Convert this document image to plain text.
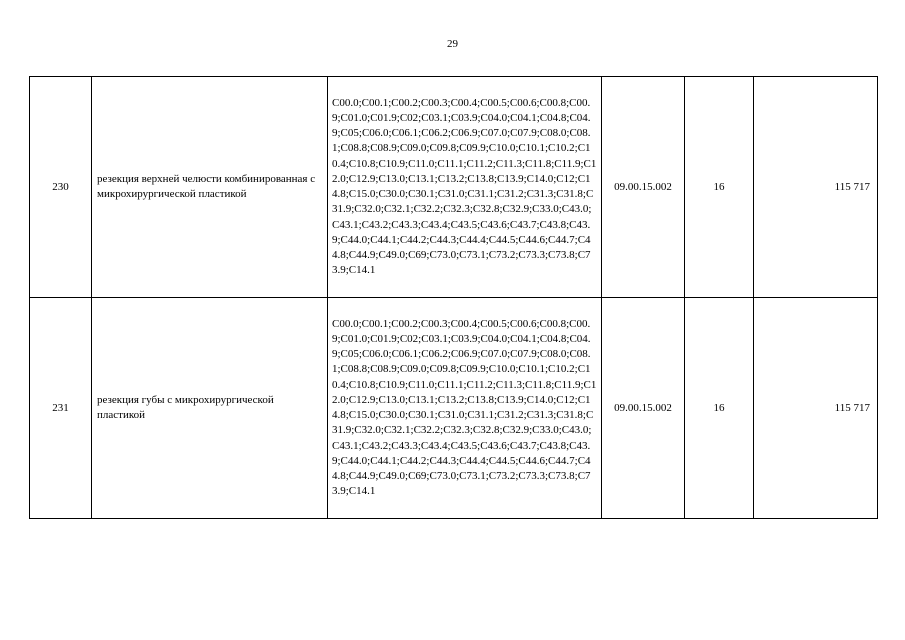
29
230	резекция верхней челюсти комбинированная с микрохирургической пластикой	C00.0;C00.1;C00.2;C00.3;C00.4;C00.5;C00.6;C00.8;C00.9;C01.0;C01.9;C02;C03.1;C03.9;C04.0;C04.1;C04.8;C04.9;C05;C06.0;C06.1;C06.2;C06.9;C07.0;C07.9;C08.0;C08.1;C08.8;C08.9;C09.0;C09.8;C09.9;C10.0;C10.1;C10.2;C10.4;C10.8;C10.9;C11.0;C11.1;C11.2;C11.3;C11.8;C11.9;C12.0;C12.9;C13.0;C13.1;C13.2;C13.8;C13.9;C14.0;C12;C14.8;C15.0;C30.0;C30.1;C31.0;C31.1;C31.2;C31.3;C31.8;C31.9;C32.0;C32.1;C32.2;C32.3;C32.8;C32.9;C33.0;C43.0;C43.1;C43.2;C43.3;C43.4;C43.5;C43.6;C43.7;C43.8;C43.9;C44.0;C44.1;C44.2;C44.3;C44.4;C44.5;C44.6;C44.7;C44.8;C44.9;C49.0;C69;C73.0;C73.1;C73.2;C73.3;C73.8;C73.9;C14.1	09.00.15.002	16	115 717
231	резекция губы с микрохирургической пластикой	C00.0;C00.1;C00.2;C00.3;C00.4;C00.5;C00.6;C00.8;C00.9;C01.0;C01.9;C02;C03.1;C03.9;C04.0;C04.1;C04.8;C04.9;C05;C06.0;C06.1;C06.2;C06.9;C07.0;C07.9;C08.0;C08.1;C08.8;C08.9;C09.0;C09.8;C09.9;C10.0;C10.1;C10.2;C10.4;C10.8;C10.9;C11.0;C11.1;C11.2;C11.3;C11.8;C11.9;C12.0;C12.9;C13.0;C13.1;C13.2;C13.8;C13.9;C14.0;C12;C14.8;C15.0;C30.0;C30.1;C31.0;C31.1;C31.2;C31.3;C31.8;C31.9;C32.0;C32.1;C32.2;C32.3;C32.8;C32.9;C33.0;C43.0;C43.1;C43.2;C43.3;C43.4;C43.5;C43.6;C43.7;C43.8;C43.9;C44.0;C44.1;C44.2;C44.3;C44.4;C44.5;C44.6;C44.7;C44.8;C44.9;C49.0;C69;C73.0;C73.1;C73.2;C73.3;C73.8;C73.9;C14.1	09.00.15.002	16	115 717
